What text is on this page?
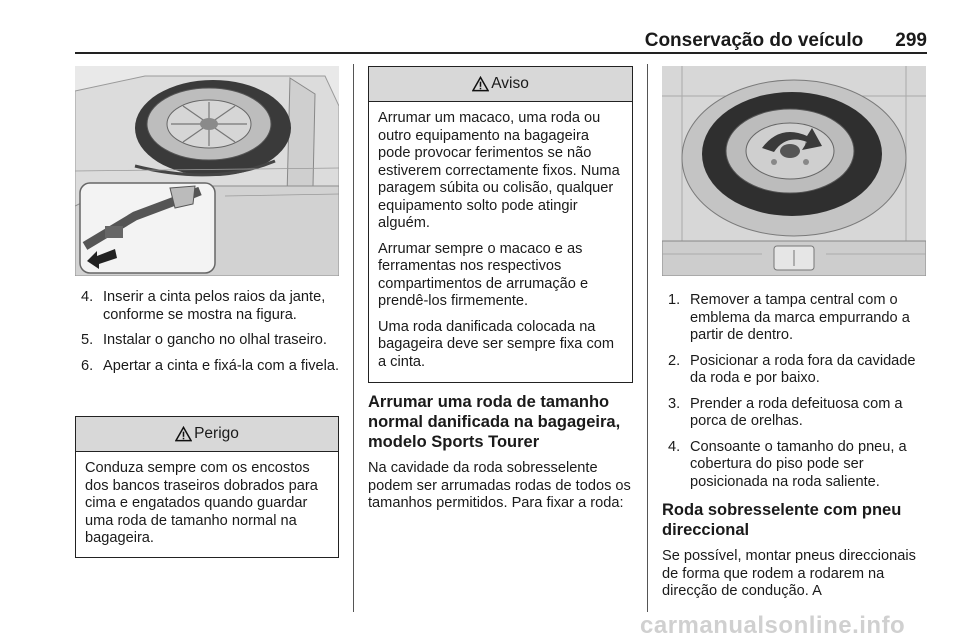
Conservação do veículo 299
4. Inserir a cinta pelos raios da jante, conforme se mostra na figura.
5. Instalar o gancho no olhal traseiro.
6. Apertar a cinta e fixá-la com a fivela.
Perigo

Conduza sempre com os encostos dos bancos traseiros dobrados para cima e engatados quando guardar uma roda de tamanho normal na bagageira.

Aviso

Arrumar um macaco, uma roda ou outro equipamento na bagageira pode provocar ferimentos se não estiverem correctamente fixos. Numa paragem súbita ou colisão, qualquer equipamento solto pode atingir alguém.

Arrumar sempre o macaco e as ferramentas nos respectivos compartimentos de arrumação e prendê-los firmemente.

Uma roda danificada colocada na bagageira deve ser sempre fixa com a cinta.

Arrumar uma roda de tamanho normal danificada na bagageira, modelo Sports Tourer

Na cavidade da roda sobresselente podem ser arrumadas rodas de todos os tamanhos permitidos. Para fixar a roda:

1. Remover a tampa central com o emblema da marca empurrando a partir de dentro.
2. Posicionar a roda fora da cavidade da roda e por baixo.
3. Prender a roda defeituosa com a porca de orelhas.
4. Consoante o tamanho do pneu, a cobertura do piso pode ser posicionada na roda saliente.
Roda sobresselente com pneu direccional

Se possível, montar pneus direccionais de forma que rodem a rodarem na direcção de condução. A

carmanualsonline.info
